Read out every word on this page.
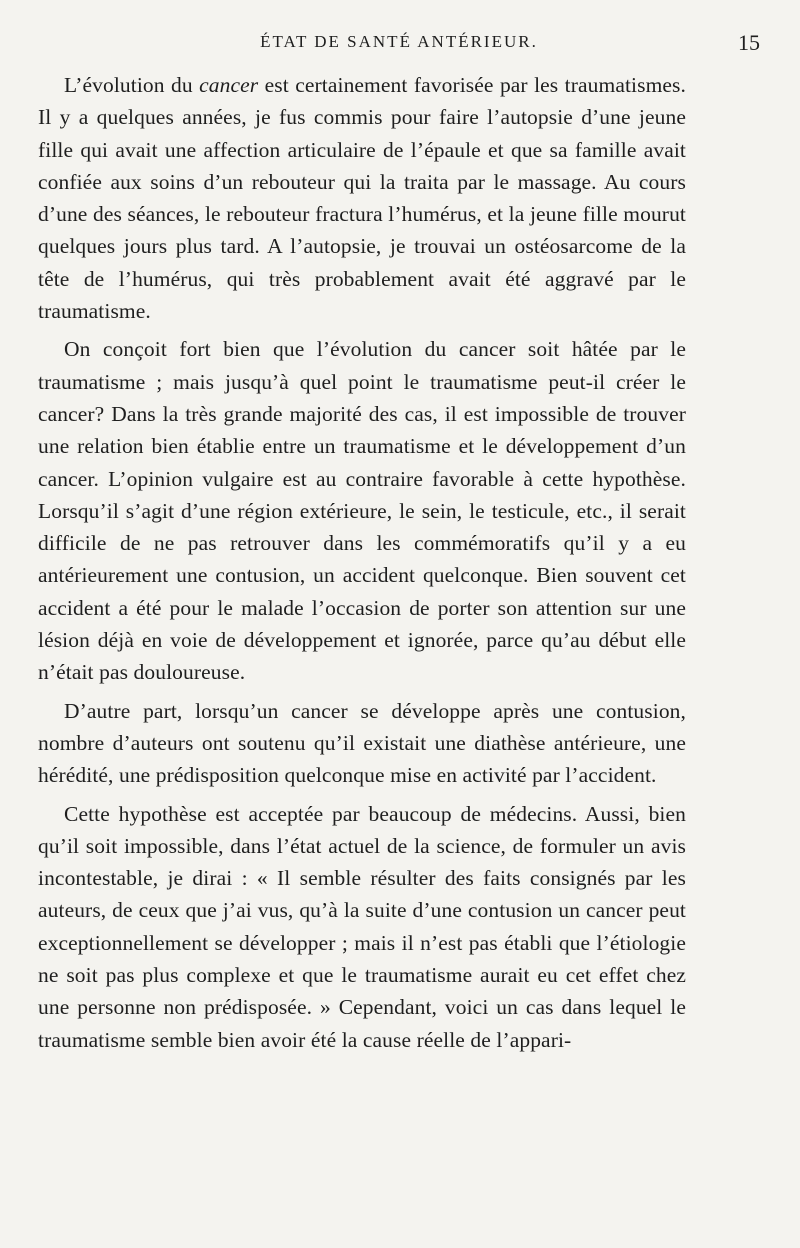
ÉTAT DE SANTÉ ANTÉRIEUR.	15

L’évolution du cancer est certainement favorisée par les traumatismes. Il y a quelques années, je fus commis pour faire l’autopsie d’une jeune fille qui avait une affection articulaire de l’épaule et que sa famille avait confiée aux soins d’un rebouteur qui la traita par le massage. Au cours d’une des séances, le rebouteur fractura l’humérus, et la jeune fille mourut quelques jours plus tard. A l’autopsie, je trouvai un ostéosarcome de la tête de l’humérus, qui très probablement avait été aggravé par le traumatisme.

On conçoit fort bien que l’évolution du cancer soit hâtée par le traumatisme ; mais jusqu’à quel point le traumatisme peut-il créer le cancer? Dans la très grande majorité des cas, il est impossible de trouver une relation bien établie entre un traumatisme et le développement d’un cancer. L’opinion vulgaire est au contraire favorable à cette hypothèse. Lorsqu’il s’agit d’une région extérieure, le sein, le testicule, etc., il serait difficile de ne pas retrouver dans les commémoratifs qu’il y a eu antérieurement une contusion, un accident quelconque. Bien souvent cet accident a été pour le malade l’occasion de porter son attention sur une lésion déjà en voie de développement et ignorée, parce qu’au début elle n’était pas douloureuse.

D’autre part, lorsqu’un cancer se développe après une contusion, nombre d’auteurs ont soutenu qu’il existait une diathèse antérieure, une hérédité, une prédisposition quelconque mise en activité par l’accident.

Cette hypothèse est acceptée par beaucoup de médecins. Aussi, bien qu’il soit impossible, dans l’état actuel de la science, de formuler un avis incontestable, je dirai : « Il semble résulter des faits consignés par les auteurs, de ceux que j’ai vus, qu’à la suite d’une contusion un cancer peut exceptionnellement se développer ; mais il n’est pas établi que l’étiologie ne soit pas plus complexe et que le traumatisme aurait eu cet effet chez une personne non prédisposée. » Cependant, voici un cas dans lequel le traumatisme semble bien avoir été la cause réelle de l’appari-
